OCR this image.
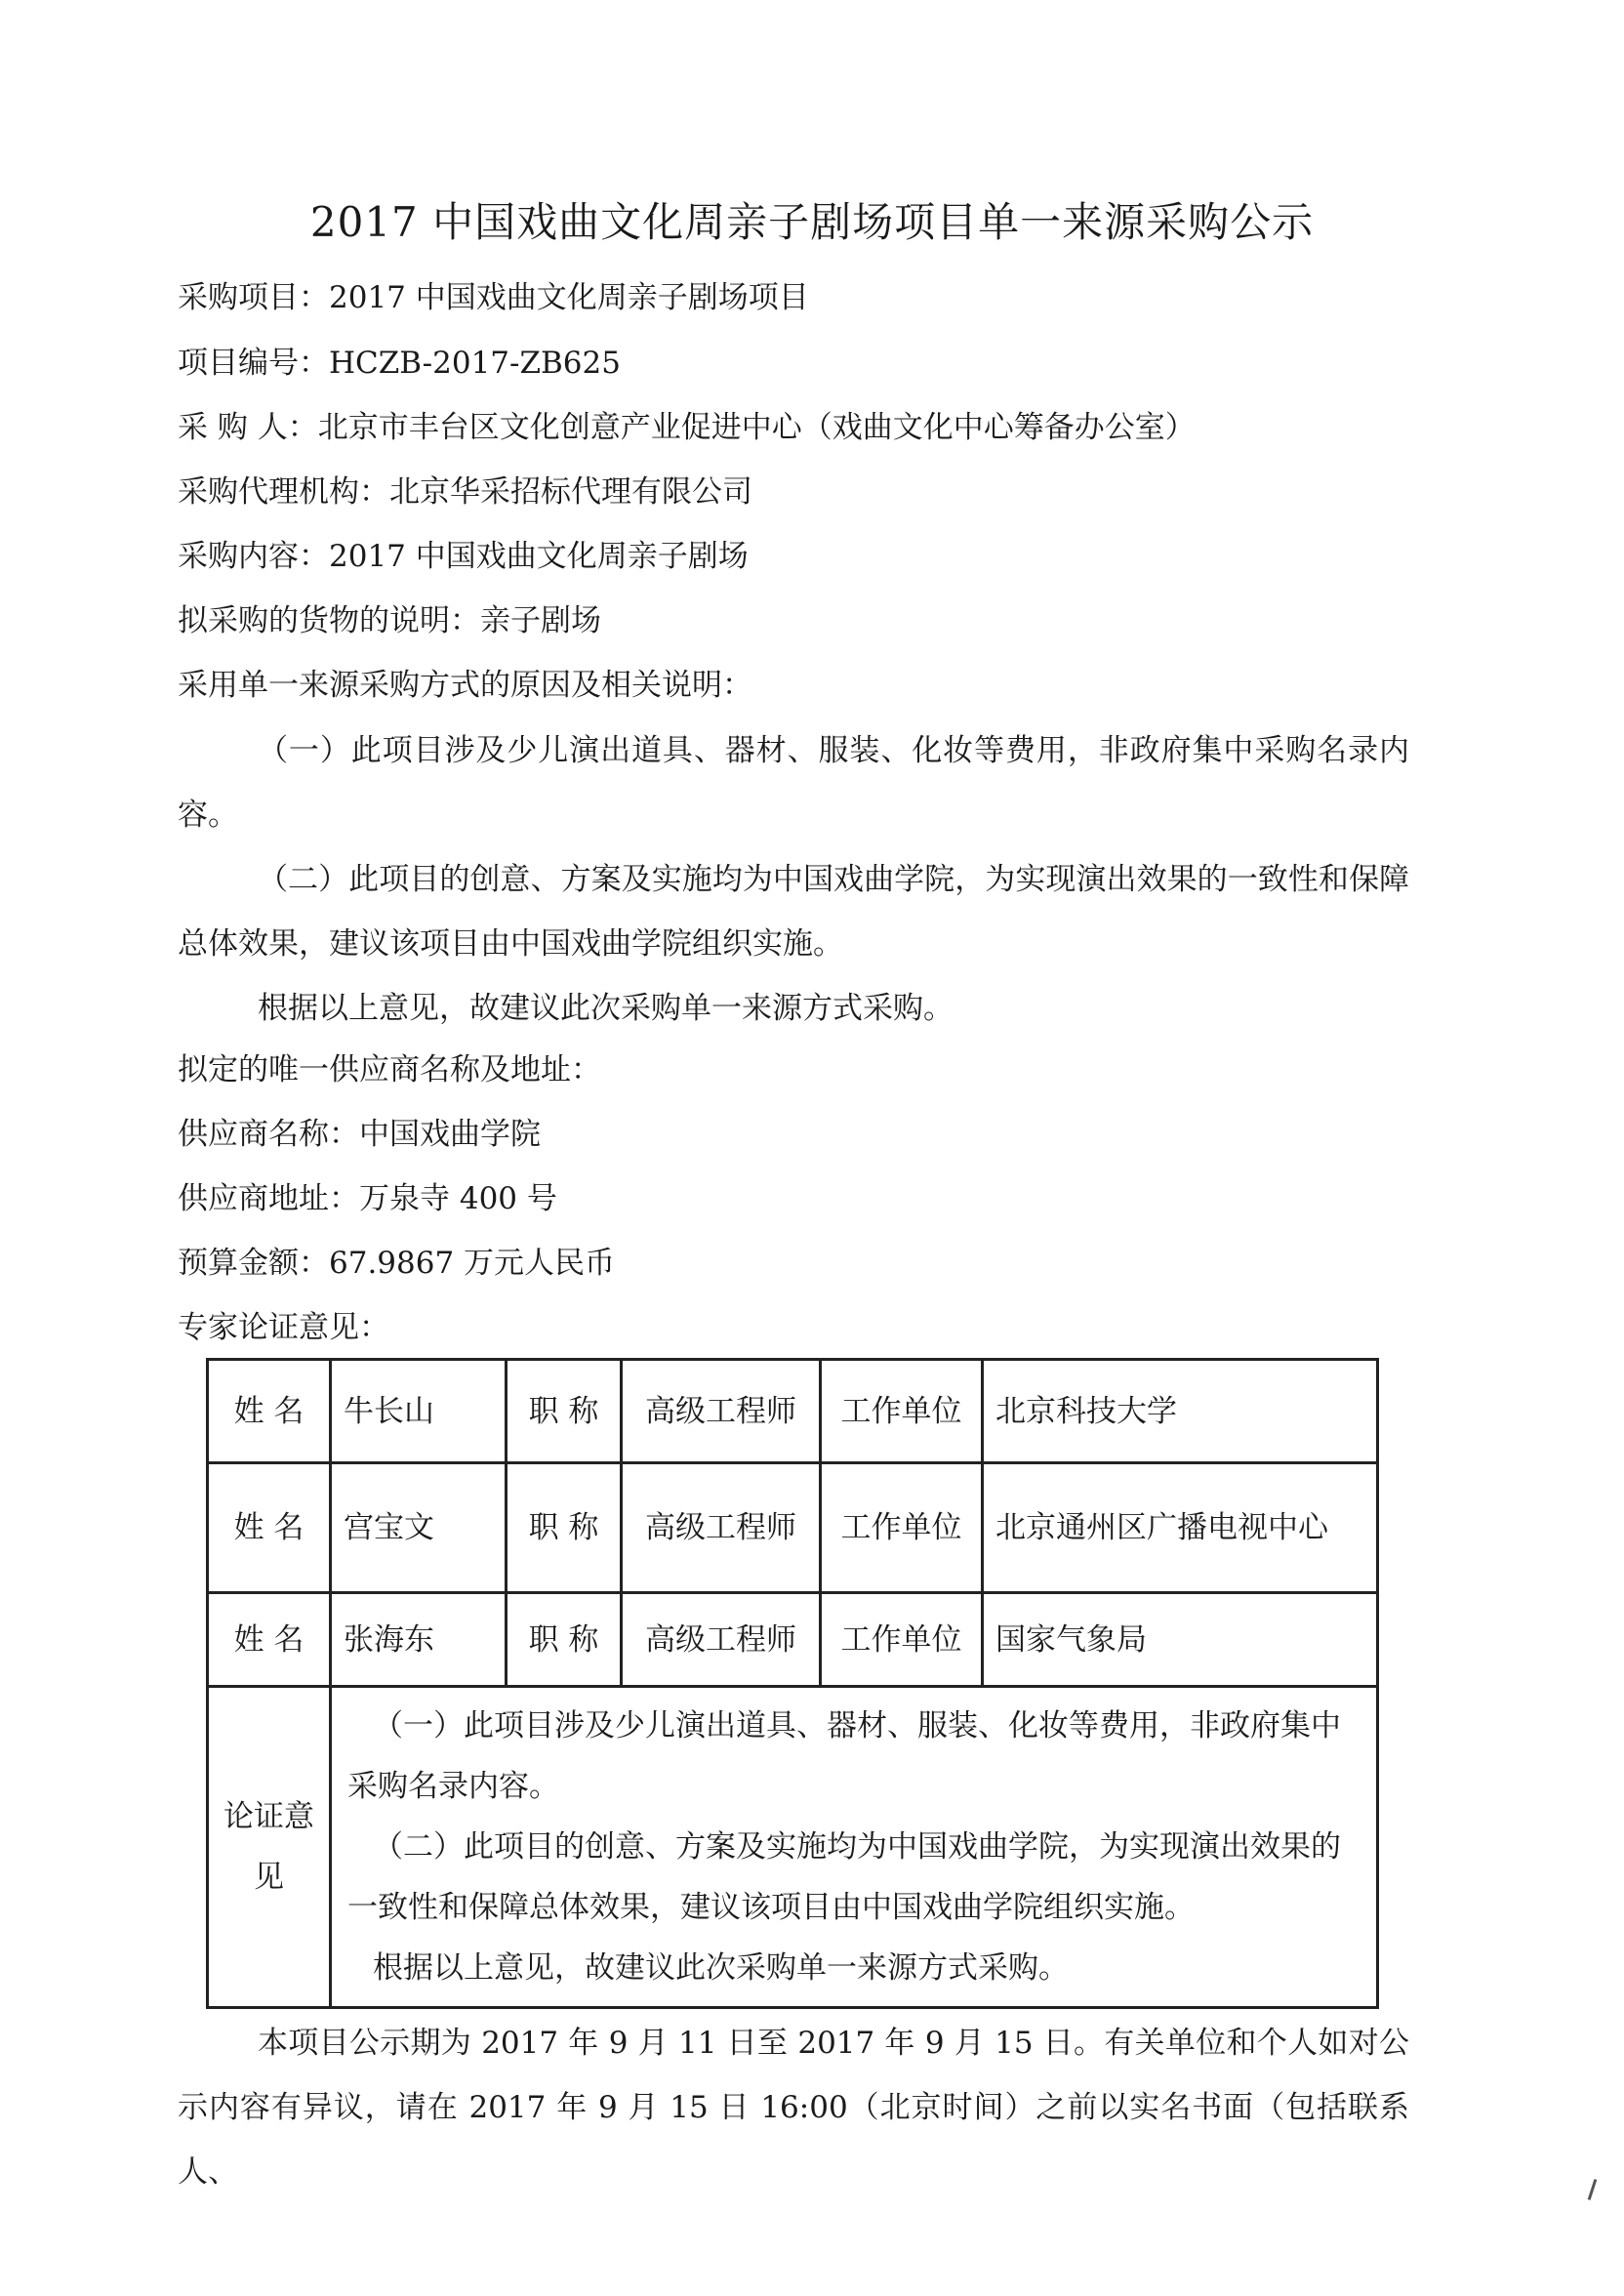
2017 中国戏曲文化周亲子剧场项目单一来源采购公示
采购项目：2017 中国戏曲文化周亲子剧场项目
项目编号：HCZB-2017-ZB625
采 购 人：北京市丰台区文化创意产业促进中心（戏曲文化中心筹备办公室）
采购代理机构：北京华采招标代理有限公司
采购内容：2017 中国戏曲文化周亲子剧场
拟采购的货物的说明：亲子剧场
采用单一来源采购方式的原因及相关说明：
（一）此项目涉及少儿演出道具、器材、服装、化妆等费用，非政府集中采购名录内容。
（二）此项目的创意、方案及实施均为中国戏曲学院，为实现演出效果的一致性和保障总体效果，建议该项目由中国戏曲学院组织实施。
根据以上意见，故建议此次采购单一来源方式采购。
拟定的唯一供应商名称及地址：
供应商名称：中国戏曲学院
供应商地址：万泉寺 400 号
预算金额：67.9867 万元人民币
专家论证意见：
姓 名	牛长山	职 称	高级工程师	工作单位	北京科技大学
姓 名	宫宝文	职 称	高级工程师	工作单位	北京通州区广播电视中心
姓 名	张海东	职 称	高级工程师	工作单位	国家气象局
论证意见	（一）此项目涉及少儿演出道具、器材、服装、化妆等费用，非政府集中采购名录内容。

（二）此项目的创意、方案及实施均为中国戏曲学院，为实现演出效果的一致性和保障总体效果，建议该项目由中国戏曲学院组织实施。

根据以上意见，故建议此次采购单一来源方式采购。				

本项目公示期为 2017 年 9 月 11 日至 2017 年 9 月 15 日。有关单位和个人如对公示内容有异议，请在 2017 年 9 月 15 日 16:00（北京时间）之前以实名书面（包括联系人、
